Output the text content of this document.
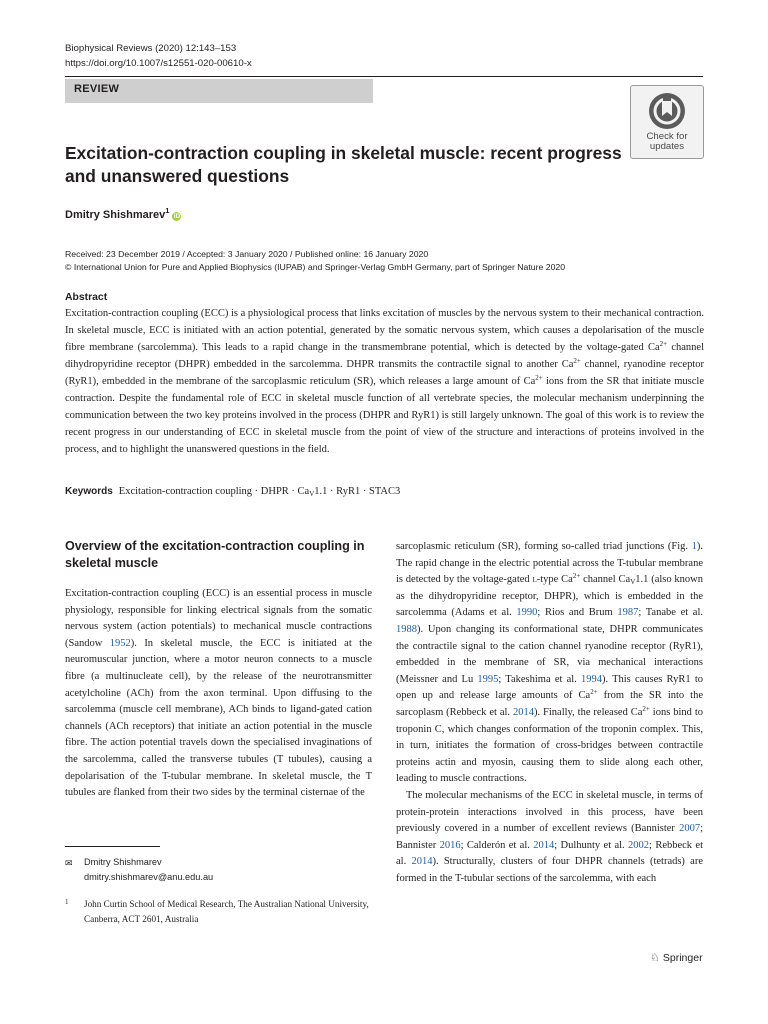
Biophysical Reviews (2020) 12:143–153
https://doi.org/10.1007/s12551-020-00610-x
REVIEW
Check for
updates
Excitation-contraction coupling in skeletal muscle: recent progress and unanswered questions
Dmitry Shishmarev$^1$iD
Received: 23 December 2019 / Accepted: 3 January 2020 / Published online: 16 January 2020
© International Union for Pure and Applied Biophysics (IUPAB) and Springer-Verlag GmbH Germany, part of Springer Nature 2020
Abstract
Excitation-contraction coupling (ECC) is a physiological process that links excitation of muscles by the nervous system to their mechanical contraction. In skeletal muscle, ECC is initiated with an action potential, generated by the somatic nervous system, which causes a depolarisation of the muscle fibre membrane (sarcolemma). This leads to a rapid change in the transmembrane potential, which is detected by the voltage-gated $Ca^{2+}$ channel dihydropyridine receptor (DHPR) embedded in the sarcolemma. DHPR transmits the contractile signal to another $Ca^{2+}$ channel, ryanodine receptor (RyR1), embedded in the membrane of the sarcoplasmic reticulum (SR), which releases a large amount of $Ca^{2+}$ ions from the SR that initiate muscle contraction. Despite the fundamental role of ECC in skeletal muscle function of all vertebrate species, the molecular mechanism underpinning the communication between the two key proteins involved in the process (DHPR and RyR1) is still largely unknown. The goal of this work is to review the recent progress in our understanding of ECC in skeletal muscle from the point of view of the structure and interactions of proteins involved in the process, and to highlight the unanswered questions in the field.
Keywords Excitation-contraction coupling · DHPR · $Ca_V1.1 \cdot RyR1$ · STAC3
Overview of the excitation-contraction coupling in skeletal muscle

Excitation-contraction coupling (ECC) is an essential process in muscle physiology, responsible for linking electrical signals from the somatic nervous system (action potentials) to mechanical muscle contractions (Sandow 1952). In skeletal muscle, the ECC is initiated at the neuromuscular junction, where a motor neuron connects to a muscle fibre (a multinucleate cell), by the release of the neurotransmitter acetylcholine (ACh) from the axon terminal. Upon diffusing to the sarcolemma (muscle cell membrane), ACh binds to ligand-gated cation channels (ACh receptors) that initiate an action potential in the muscle fibre. The action potential travels down the specialised invaginations of the sarcolemma, called the transverse tubules (T tubules), causing a depolarisation of the T-tubular membrane. In skeletal muscle, the T tubules are flanked from their two sides by the terminal cisternae of the

sarcoplasmic reticulum (SR), forming so-called triad junctions (Fig. 1). The rapid change in the electric potential across the T-tubular membrane is detected by the voltage-gated l-type $Ca^{2+}$ channel $Ca_V1.1$ (also known as the dihydropyridine receptor, DHPR), which is embedded in the sarcolemma (Adams et al. 1990; Rios and Brum 1987; Tanabe et al. 1988). Upon changing its conformational state, DHPR communicates the contractile signal to the cation channel ryanodine receptor (RyR1), embedded in the membrane of SR, via mechanical interactions (Meissner and Lu 1995; Takeshima et al. 1994). This causes RyR1 to open up and release large amounts of $Ca^{2+}$ from the SR into the sarcoplasm (Rebbeck et al. 2014). Finally, the released $Ca^{2+}$ ions bind to troponin C, which changes conformation of the troponin complex. This, in turn, initiates the formation of cross-bridges between contractile proteins actin and myosin, causing them to slide along each other, leading to muscle contractions.

The molecular mechanisms of the ECC in skeletal muscle, in terms of protein-protein interactions involved in this process, have been previously covered in a number of excellent reviews (Bannister 2007; Bannister 2016; Calderón et al. 2014; Dulhunty et al. 2002; Rebbeck et al. 2014). Structurally, clusters of four DHPR channels (tetrads) are formed in the T-tubular sections of the sarcolemma, with each

✉ Dmitry Shishmarev
dmitry.shishmarev@anu.edu.au
1 John Curtin School of Medical Research, The Australian National University, Canberra, ACT 2601, Australia
♘ Springer
